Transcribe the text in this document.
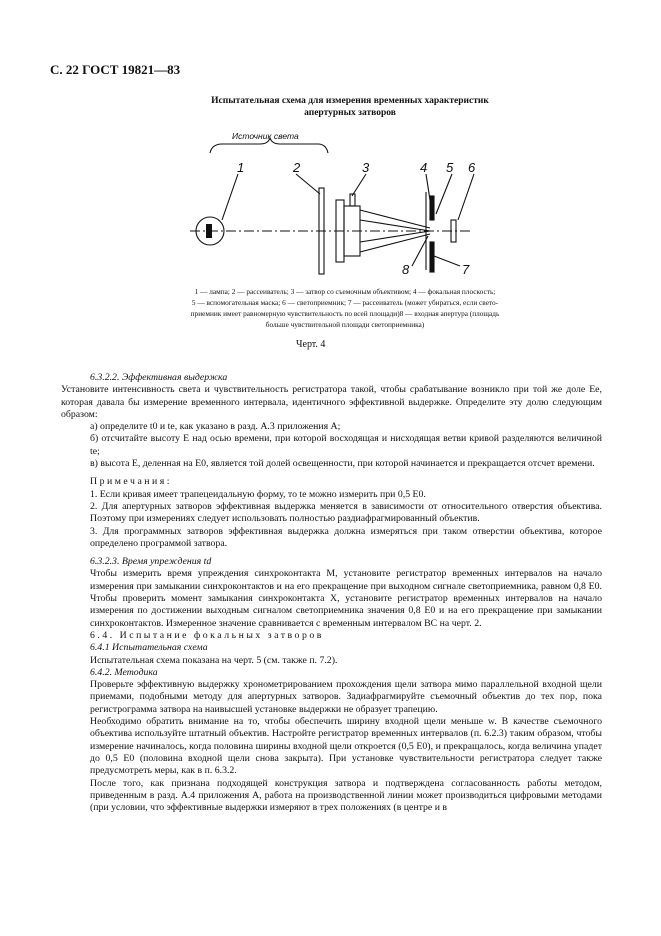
С. 22 ГОСТ 19821—83
Испытательная схема для измерения временных характеристик
апертурных затворов
Источник света
1	2	3	4 5 6
7
8
1 — лампа; 2 — рассеиватель; 3 — затвор со съемочным объективом; 4 — фокальная плоскость;
5 — вспомогательная маска; 6 — светоприемник; 7 — рассеиватель (может убираться, если свето-
приемник имеет равномерную чувствительность по всей площади)8 — входная апертура (площадь
больше чувствительной площади светоприемника)
Черт. 4

6.3.2.2. Эффективная выдержка

Установите интенсивность света и чувствительность регистратора такой, чтобы срабатывание возникло при той же доле Eе, которая давала бы измерение временного интервала, идентичного эффективной выдержке. Определите эту долю следующим образом:

а) определите t0 и te, как указано в разд. А.3 приложения А;

б) отсчитайте высоту E над осью времени, при которой восходящая и нисходящая ветви кривой разделяются величиной te;

в) высота E, деленная на E0, является той долей освещенности, при которой начинается и прекращается отсчет времени.

Примечания:

1. Если кривая имеет трапецеидальную форму, то te можно измерить при 0,5 E0.

2. Для апертурных затворов эффективная выдержка меняется в зависимости от относительного отверстия объектива. Поэтому при измерениях следует использовать полностью раздиафрагмированный объектив.

3. Для программных затворов эффективная выдержка должна измеряться при таком отверстии объектива, которое определено программой затвора.

6.3.2.3. Время упреждения td

Чтобы измерить время упреждения синхроконтакта M, установите регистратор временных интервалов на начало измерения при замыкании синхроконтактов и на его прекращение при выходном сигнале светоприемника, равном 0,8 E0. Чтобы проверить момент замыкания синхроконтакта X, установите регистратор временных интервалов на начало измерения по достижении выходным сигналом светоприемника значения 0,8 E0 и на его прекращение при замыкании синхроконтактов. Измеренное значение сравнивается с временным интервалом ВС на черт. 2.

6.4. Испытание фокальных затворов

6.4.1 Испытательная схема

Испытательная схема показана на черт. 5 (см. также п. 7.2).

6.4.2. Методика

Проверьте эффективную выдержку хронометрированием прохождения щели затвора мимо параллельной входной щели приемами, подобными методу для апертурных затворов. Задиафрагмируйте съемочный объектив до тех пор, пока регистрограмма затвора на наивысшей установке выдержки не образует трапецию.

Необходимо обратить внимание на то, чтобы обеспечить ширину входной щели меньше w. В качестве съемочного объектива используйте штатный объектив. Настройте регистратор временных интервалов (п. 6.2.3) таким образом, чтобы измерение начиналось, когда половина ширины входной щели откроется (0,5 E0), и прекращалось, когда величина упадет до 0,5 E0 (половина входной щели снова закрыта). При установке чувствительности регистратора следует также предусмотреть меры, как в п. 6.3.2.

После того, как признана подходящей конструкция затвора и подтверждена согласованность работы методом, приведенным в разд. А.4 приложения А, работа на производственной линии может производиться цифровыми методами (при условии, что эффективные выдержки измеряют в трех положениях (в центре и в
